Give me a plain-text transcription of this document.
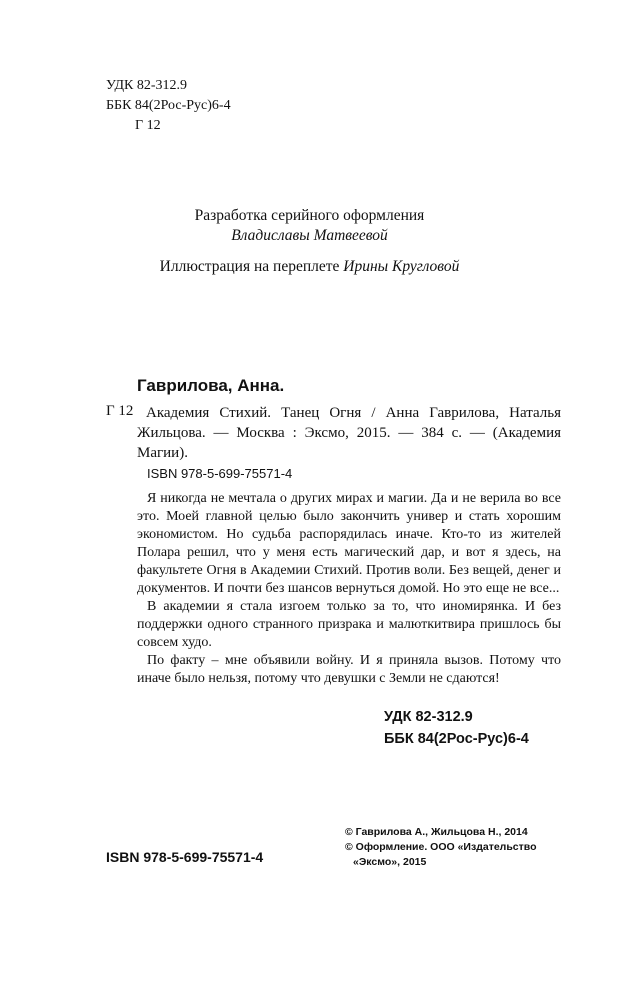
УДК 82-312.9
ББК 84(2Рос-Рус)6-4
Г 12
Разработка серийного оформления
Владиславы Матвеевой
Иллюстрация на переплете Ирины Кругловой
Гаврилова, Анна.
Г 12 Академия Стихий. Танец Огня / Анна Гаврилова, Наталья Жильцова. — Москва : Эксмо, 2015. — 384 с. — (Академия Магии).
ISBN 978-5-699-75571-4

Я никогда не мечтала о других мирах и магии. Да и не верила во все это. Моей главной целью было закончить универ и стать хорошим экономистом. Но судьба распорядилась иначе. Кто-то из жителей Полара решил, что у меня есть магический дар, и вот я здесь, на факультете Огня в Академии Стихий. Против воли. Без вещей, денег и документов. И почти без шансов вернуться домой. Но это еще не все...

В академии я стала изгоем только за то, что иномирянка. И без поддержки одного странного призрака и малюткитвира пришлось бы совсем худо.

По факту – мне объявили войну. И я приняла вызов. Потому что иначе было нельзя, потому что девушки с Земли не сдаются!

УДК 82-312.9
ББК 84(2Рос-Рус)6-4
© Гаврилова А., Жильцова Н., 2014
© Оформление. ООО «Издательство
«Эксмо», 2015
ISBN 978-5-699-75571-4
